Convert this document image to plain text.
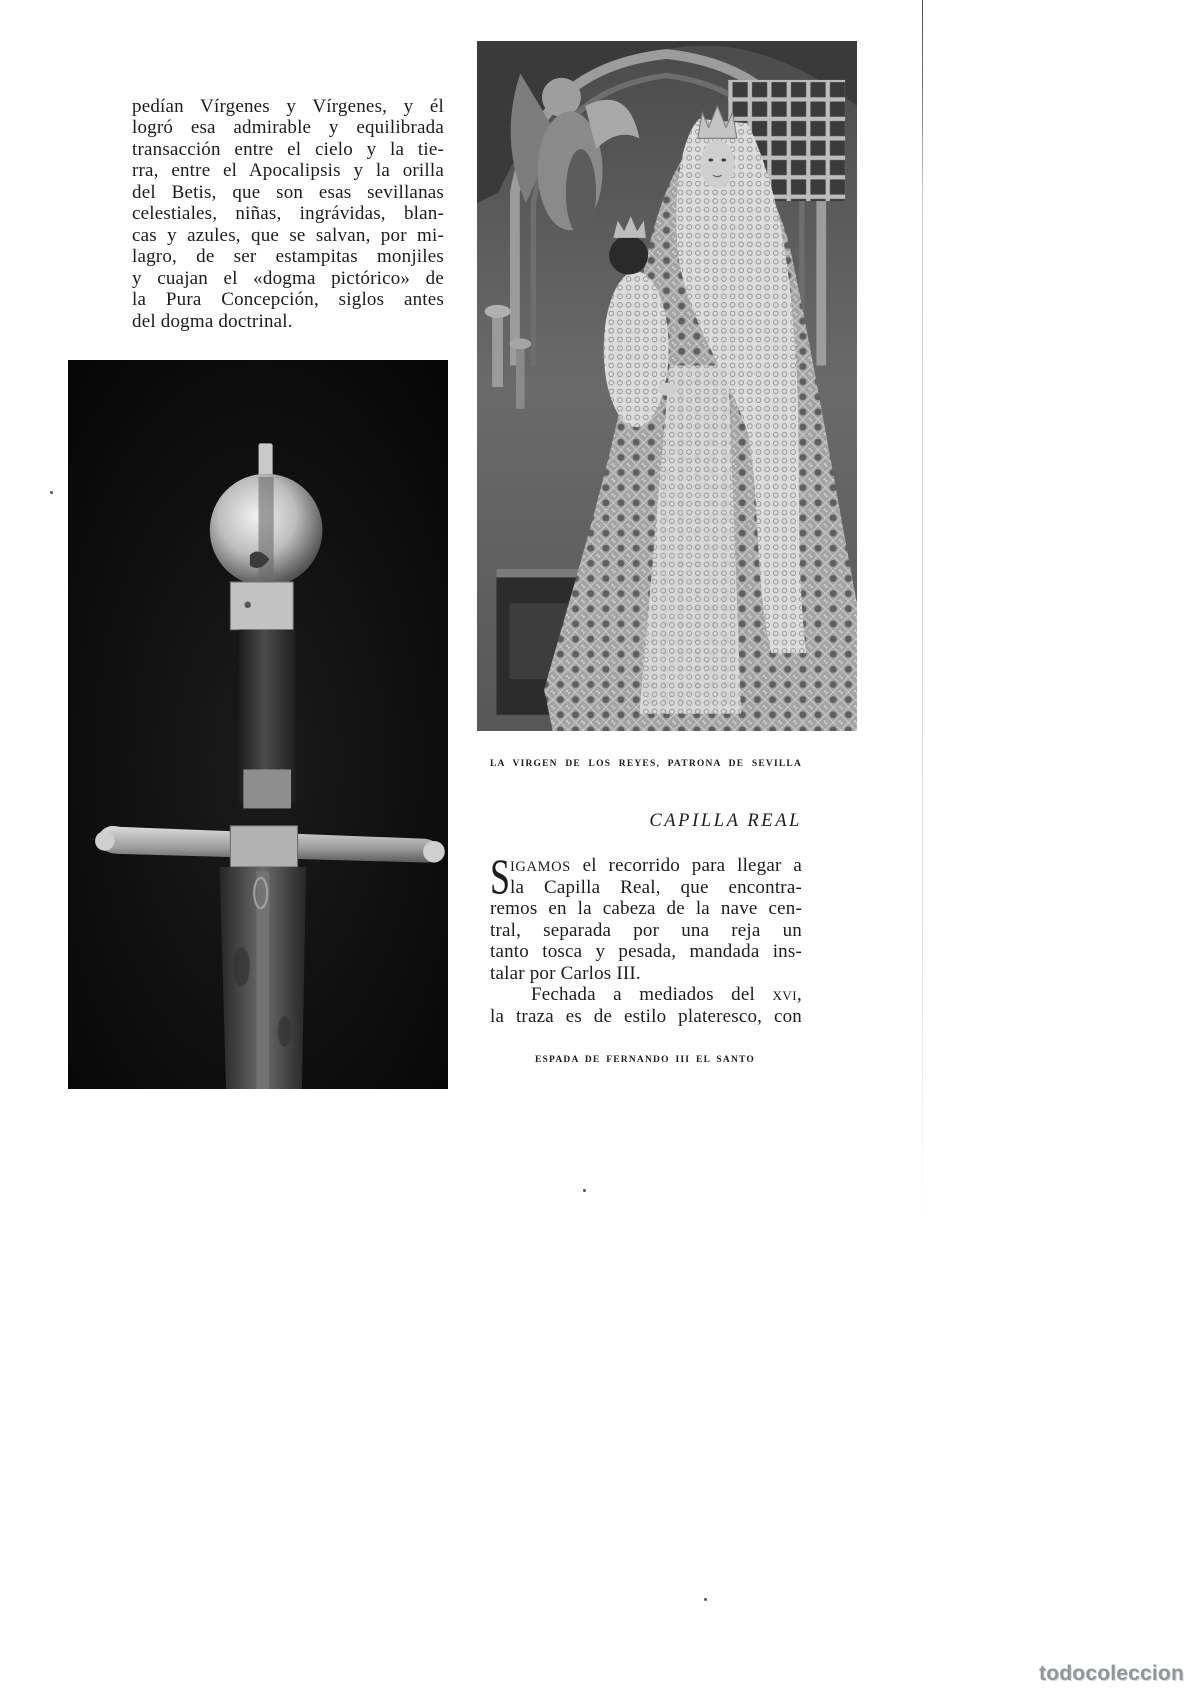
pedían Vírgenes y Vírgenes, y él
logró esa admirable y equilibrada
transacción entre el cielo y la tie-
rra, entre el Apocalipsis y la orilla
del Betis, que son esas sevillanas
celestiales, niñas, ingrávidas, blan-
cas y azules, que se salvan, por mi-
lagro, de ser estampitas monjiles
y cuajan el «dogma pictórico» de
la Pura Concepción, siglos antes
del dogma doctrinal.
LA VIRGEN DE LOS REYES, PATRONA DE SEVILLA
CAPILLA REAL
S IGAMOS el recorrido para llegar a
la Capilla Real, que encontra-
remos en la cabeza de la nave cen-
tral, separada por una reja un
tanto tosca y pesada, mandada ins-
talar por Carlos III.
Fechada a mediados del xvi,
la traza es de estilo plateresco, con
ESPADA DE FERNANDO III EL SANTO
todocoleccion
